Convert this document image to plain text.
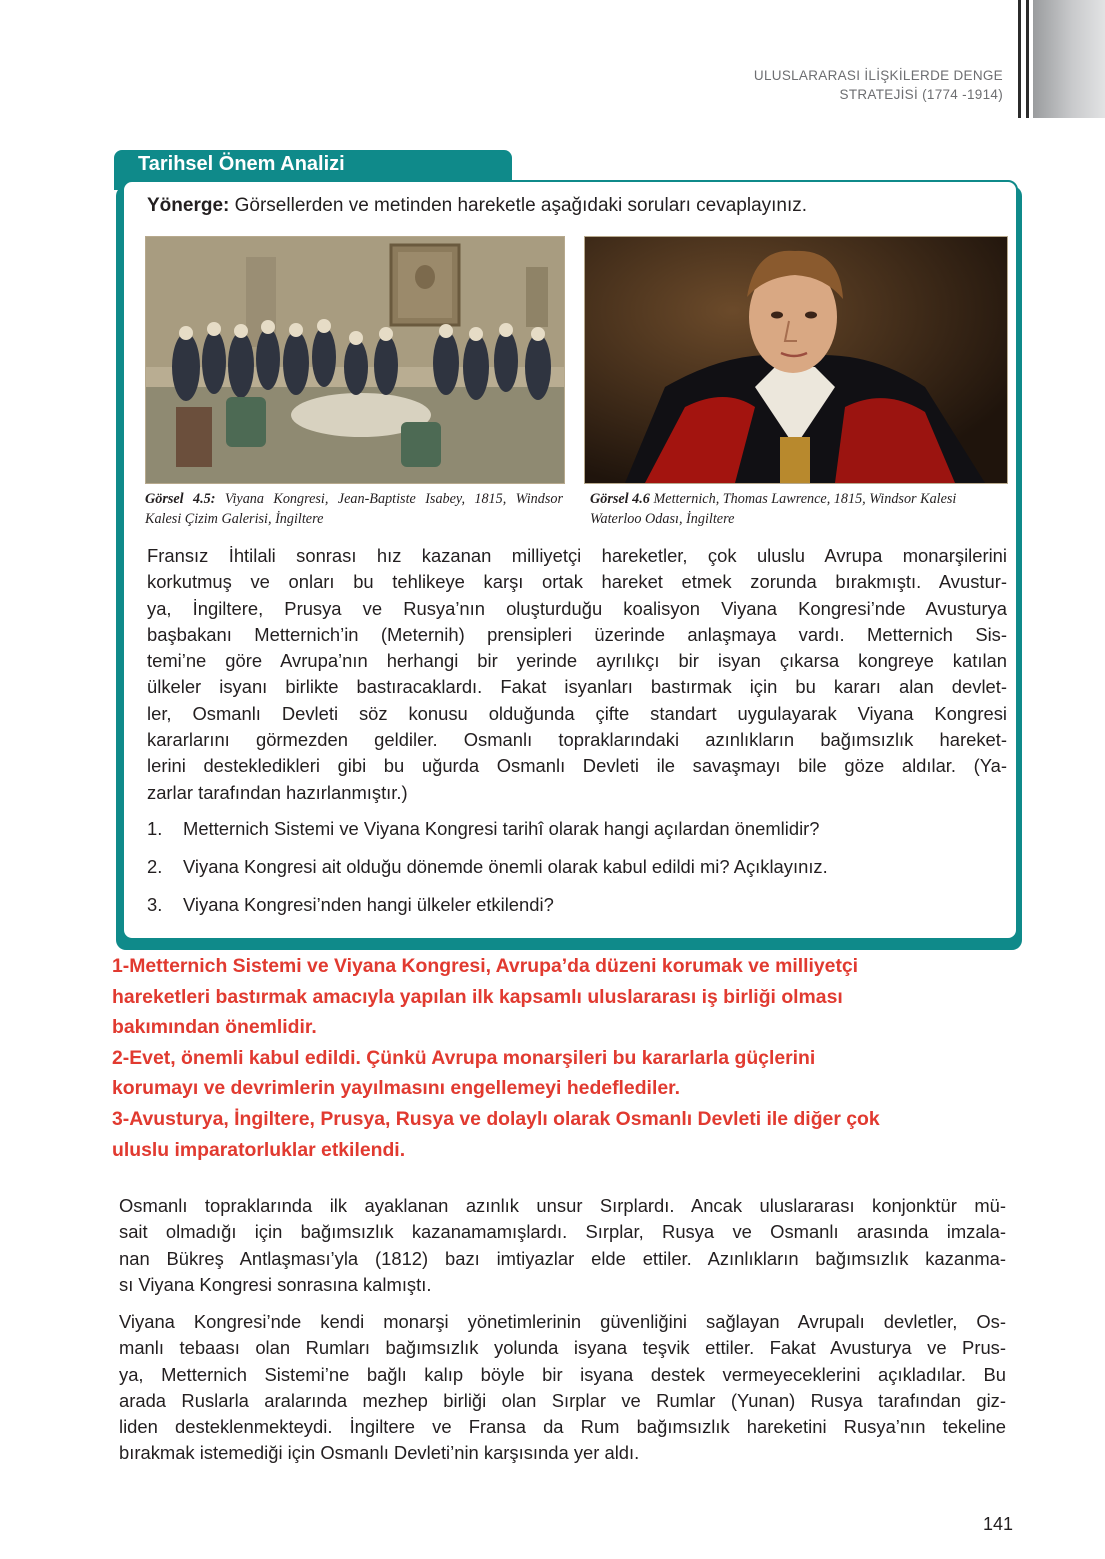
ULUSLARARASI İLİŞKİLERDE DENGE
STRATEJİSİ (1774 -1914)
Tarihsel Önem Analizi
Yönerge: Görsellerden ve metinden hareketle aşağıdaki soruları cevaplayınız.
Görsel 4.5: Viyana Kongresi, Jean-Baptiste Isabey, 1815, Windsor
Kalesi Çizim Galerisi, İngiltere
Görsel 4.6 Metternich, Thomas Lawrence, 1815, Windsor Kalesi
Waterloo Odası, İngiltere
Fransız İhtilali sonrası hız kazanan milliyetçi hareketler, çok uluslu Avrupa monarşilerini
korkutmuş ve onları bu tehlikeye karşı ortak hareket etmek zorunda bırakmıştı. Avustur-
ya, İngiltere, Prusya ve Rusya’nın oluşturduğu koalisyon Viyana Kongresi’nde Avusturya
başbakanı Metternich’in (Meternih) prensipleri üzerinde anlaşmaya vardı. Metternich Sis-
temi’ne göre Avrupa’nın herhangi bir yerinde ayrılıkçı bir isyan çıkarsa kongreye katılan
ülkeler isyanı birlikte bastıracaklardı. Fakat isyanları bastırmak için bu kararı alan devlet-
ler, Osmanlı Devleti söz konusu olduğunda çifte standart uygulayarak Viyana Kongresi
kararlarını görmezden geldiler. Osmanlı topraklarındaki azınlıkların bağımsızlık hareket-
lerini destekledikleri gibi bu uğurda Osmanlı Devleti ile savaşmayı bile göze aldılar. (Ya-
zarlar tarafından hazırlanmıştır.)
1.	Metternich Sistemi ve Viyana Kongresi tarihî olarak hangi açılardan önemlidir?
2.	Viyana Kongresi ait olduğu dönemde önemli olarak kabul edildi mi? Açıklayınız.
3.	Viyana Kongresi’nden hangi ülkeler etkilendi?
1-Metternich Sistemi ve Viyana Kongresi, Avrupa’da düzeni korumak ve milliyetçi
hareketleri bastırmak amacıyla yapılan ilk kapsamlı uluslararası iş birliği olması
bakımından önemlidir.
2-Evet, önemli kabul edildi. Çünkü Avrupa monarşileri bu kararlarla güçlerini
korumayı ve devrimlerin yayılmasını engellemeyi hedeflediler.
3-Avusturya, İngiltere, Prusya, Rusya ve dolaylı olarak Osmanlı Devleti ile diğer çok
uluslu imparatorluklar etkilendi.
Osmanlı topraklarında ilk ayaklanan azınlık unsur Sırplardı. Ancak uluslararası konjonktür mü-
sait olmadığı için bağımsızlık kazanamamışlardı. Sırplar, Rusya ve Osmanlı arasında imzala-
nan Bükreş Antlaşması’yla (1812) bazı imtiyazlar elde ettiler. Azınlıkların bağımsızlık kazanma-
sı Viyana Kongresi sonrasına kalmıştı.
Viyana Kongresi’nde kendi monarşi yönetimlerinin güvenliğini sağlayan Avrupalı devletler, Os-
manlı tebaası olan Rumları bağımsızlık yolunda isyana teşvik ettiler. Fakat Avusturya ve Prus-
ya, Metternich Sistemi’ne bağlı kalıp böyle bir isyana destek vermeyeceklerini açıkladılar. Bu
arada Ruslarla aralarında mezhep birliği olan Sırplar ve Rumlar (Yunan) Rusya tarafından giz-
liden desteklenmekteydi. İngiltere ve Fransa da Rum bağımsızlık hareketini Rusya’nın tekeline
bırakmak istemediği için Osmanlı Devleti’nin karşısında yer aldı.
141
